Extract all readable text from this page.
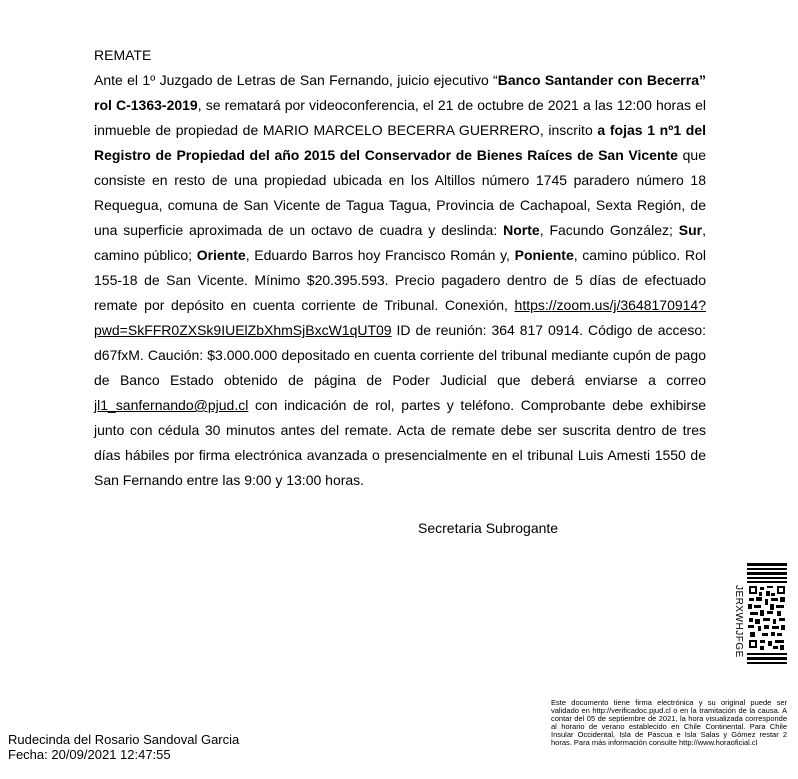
REMATE
Ante el 1º Juzgado de Letras de San Fernando, juicio ejecutivo “Banco Santander con Becerra” rol C-1363-2019, se rematará por videoconferencia, el 21 de octubre de 2021 a las 12:00 horas el inmueble de propiedad de MARIO MARCELO BECERRA GUERRERO, inscrito a fojas 1 nº1 del Registro de Propiedad del año 2015 del Conservador de Bienes Raíces de San Vicente que consiste en resto de una propiedad ubicada en los Altillos número 1745 paradero número 18 Requegua, comuna de San Vicente de Tagua Tagua, Provincia de Cachapoal, Sexta Región, de una superficie aproximada de un octavo de cuadra y deslinda: Norte, Facundo González; Sur, camino público; Oriente, Eduardo Barros hoy Francisco Román y, Poniente, camino público. Rol 155-18 de San Vicente. Mínimo $20.395.593. Precio pagadero dentro de 5 días de efectuado remate por depósito en cuenta corriente de Tribunal. Conexión, https://zoom.us/j/3648170914?pwd=SkFFR0ZXSk9IUElZbXhmSjBxcW1qUT09 ID de reunión: 364 817 0914. Código de acceso: d67fxM. Caución: $3.000.000 depositado en cuenta corriente del tribunal mediante cupón de pago de Banco Estado obtenido de página de Poder Judicial que deberá enviarse a correo jl1_sanfernando@pjud.cl con indicación de rol, partes y teléfono. Comprobante debe exhibirse junto con cédula 30 minutos antes del remate. Acta de remate debe ser suscrita dentro de tres días hábiles por firma electrónica avanzada o presencialmente en el tribunal Luis Amesti 1550 de San Fernando entre las 9:00 y 13:00 horas.
Secretaria Subrogante
JERXWHJFGE
Este documento tiene firma electrónica y su original puede ser validado en http://verificadoc.pjud.cl o en la tramitación de la causa. A contar del 05 de septiembre de 2021, la hora visualizada corresponde al horario de verano establecido en Chile Continental. Para Chile Insular Occidental, Isla de Pascua e Isla Salas y Gómez restar 2 horas. Para más información consulte http://www.horaoficial.cl
Rudecinda del Rosario Sandoval Garcia
Fecha: 20/09/2021 12:47:55
